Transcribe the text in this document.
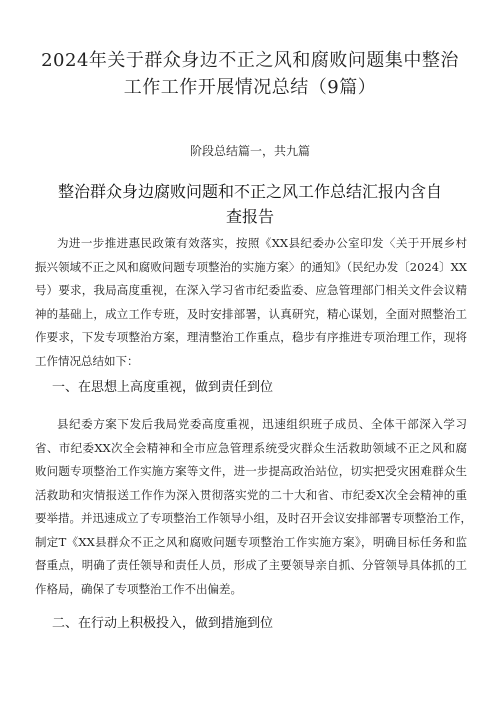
2024年关于群众身边不正之风和腐败问题集中整治
工作工作开展情况总结（9篇）
阶段总结篇一，共九篇
整治群众身边腐败问题和不正之风工作总结汇报内含自
查报告
为进一步推进惠民政策有效落实，按照《XX县纪委办公室印发〈关于开展乡村
振兴领域不正之风和腐败问题专项整治的实施方案〉的通知》（民纪办发〔2024〕XX
号）要求，我局高度重视，在深入学习省市纪委监委、应急管理部门相关文件会议精
神的基础上，成立工作专班，及时安排部署，认真研究，精心谋划，全面对照整治工
作要求，下发专项整治方案，理清整治工作重点，稳步有序推进专项治理工作，现将
工作情况总结如下：
一、在思想上高度重视，做到责任到位
县纪委方案下发后我局党委高度重视，迅速组织班子成员、全体干部深入学习
省、市纪委XX次全会精神和全市应急管理系统受灾群众生活救助领域不正之风和腐
败问题专项整治工作实施方案等文件，进一步提高政治站位，切实把受灾困难群众生
活救助和灾情报送工作作为深入贯彻落实党的二十大和省、市纪委X次全会精神的重
要举措。并迅速成立了专项整治工作领导小组，及时召开会议安排部署专项整治工作，
制定T《XX县群众不正之风和腐败问题专项整治工作实施方案》，明确目标任务和监
督重点，明确了责任领导和责任人员，形成了主要领导亲自抓、分管领导具体抓的工
作格局，确保了专项整治工作不出偏差。
二、在行动上积极投入，做到措施到位
